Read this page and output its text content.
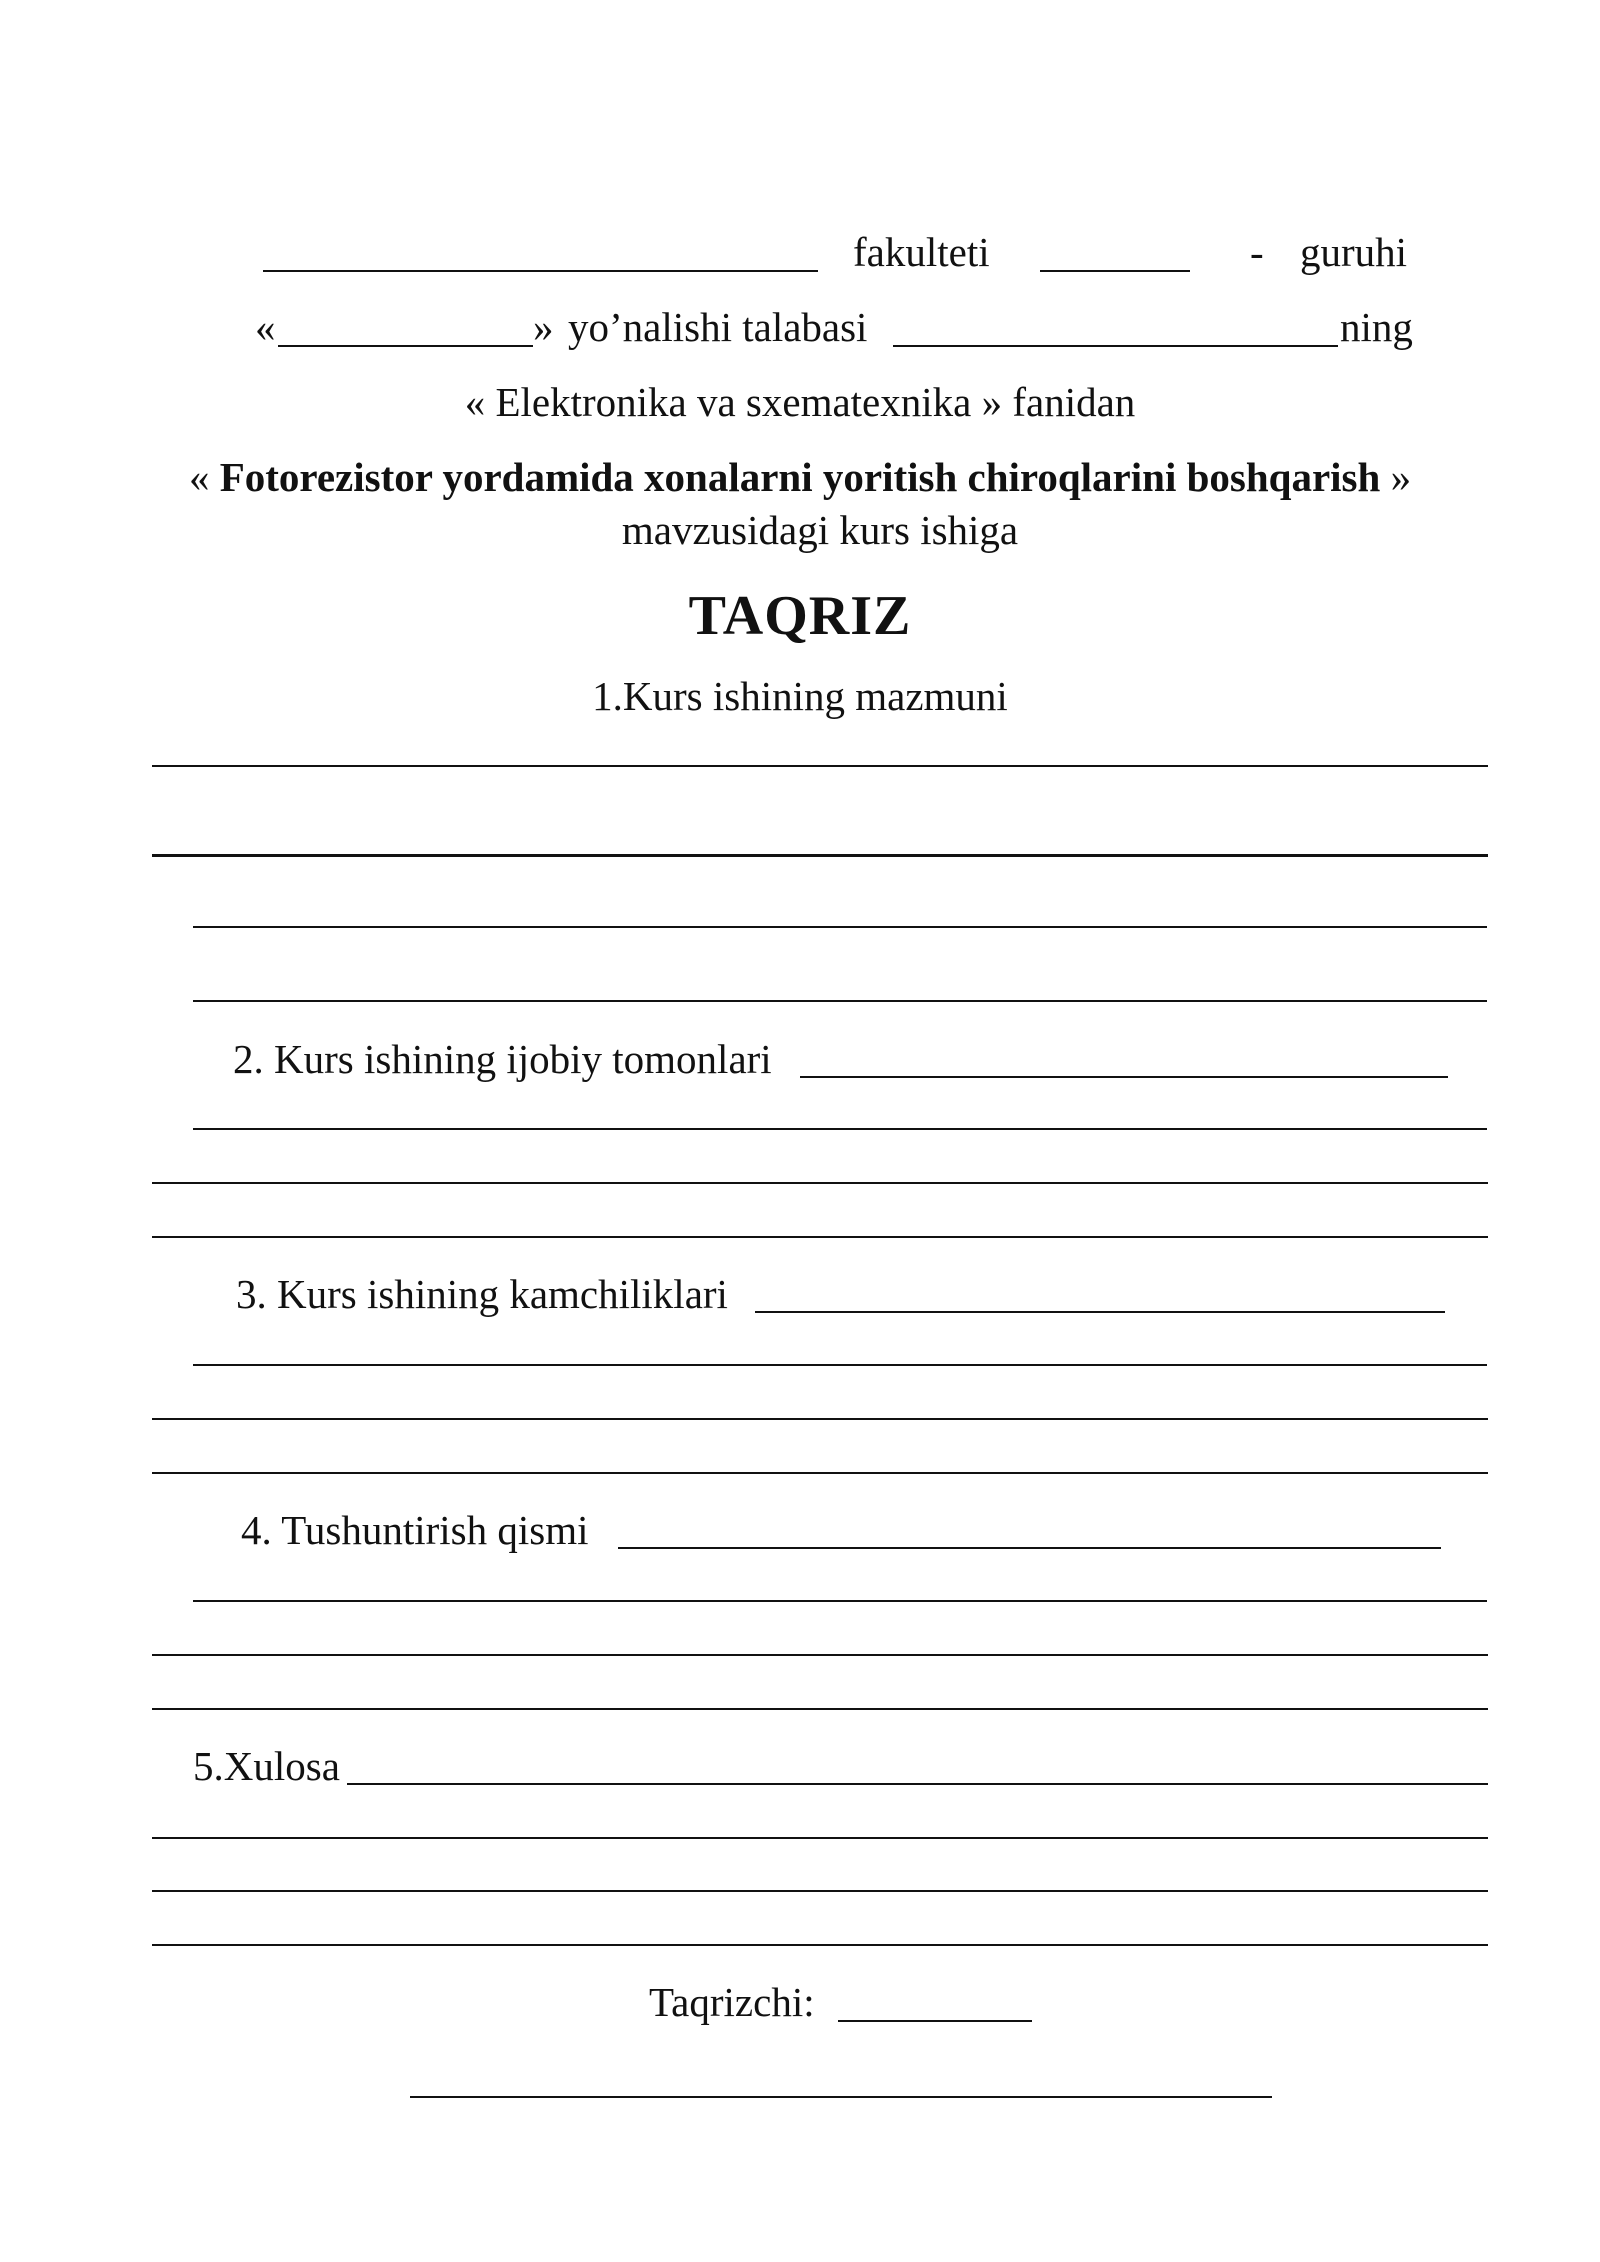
fakulteti	- guruhi
«	» yo’nalishi talabasi	ning
« Elektronika va sxematexnika » fanidan
« Fotorezistor yordamida xonalarni yoritish chiroqlarini boshqarish »
mavzusidagi kurs ishiga
TAQRIZ
1.Kurs ishining mazmuni
2. Kurs ishining ijobiy tomonlari
3. Kurs ishining kamchiliklari
4. Tushuntirish qismi
5.Xulosa
Taqrizchi:
